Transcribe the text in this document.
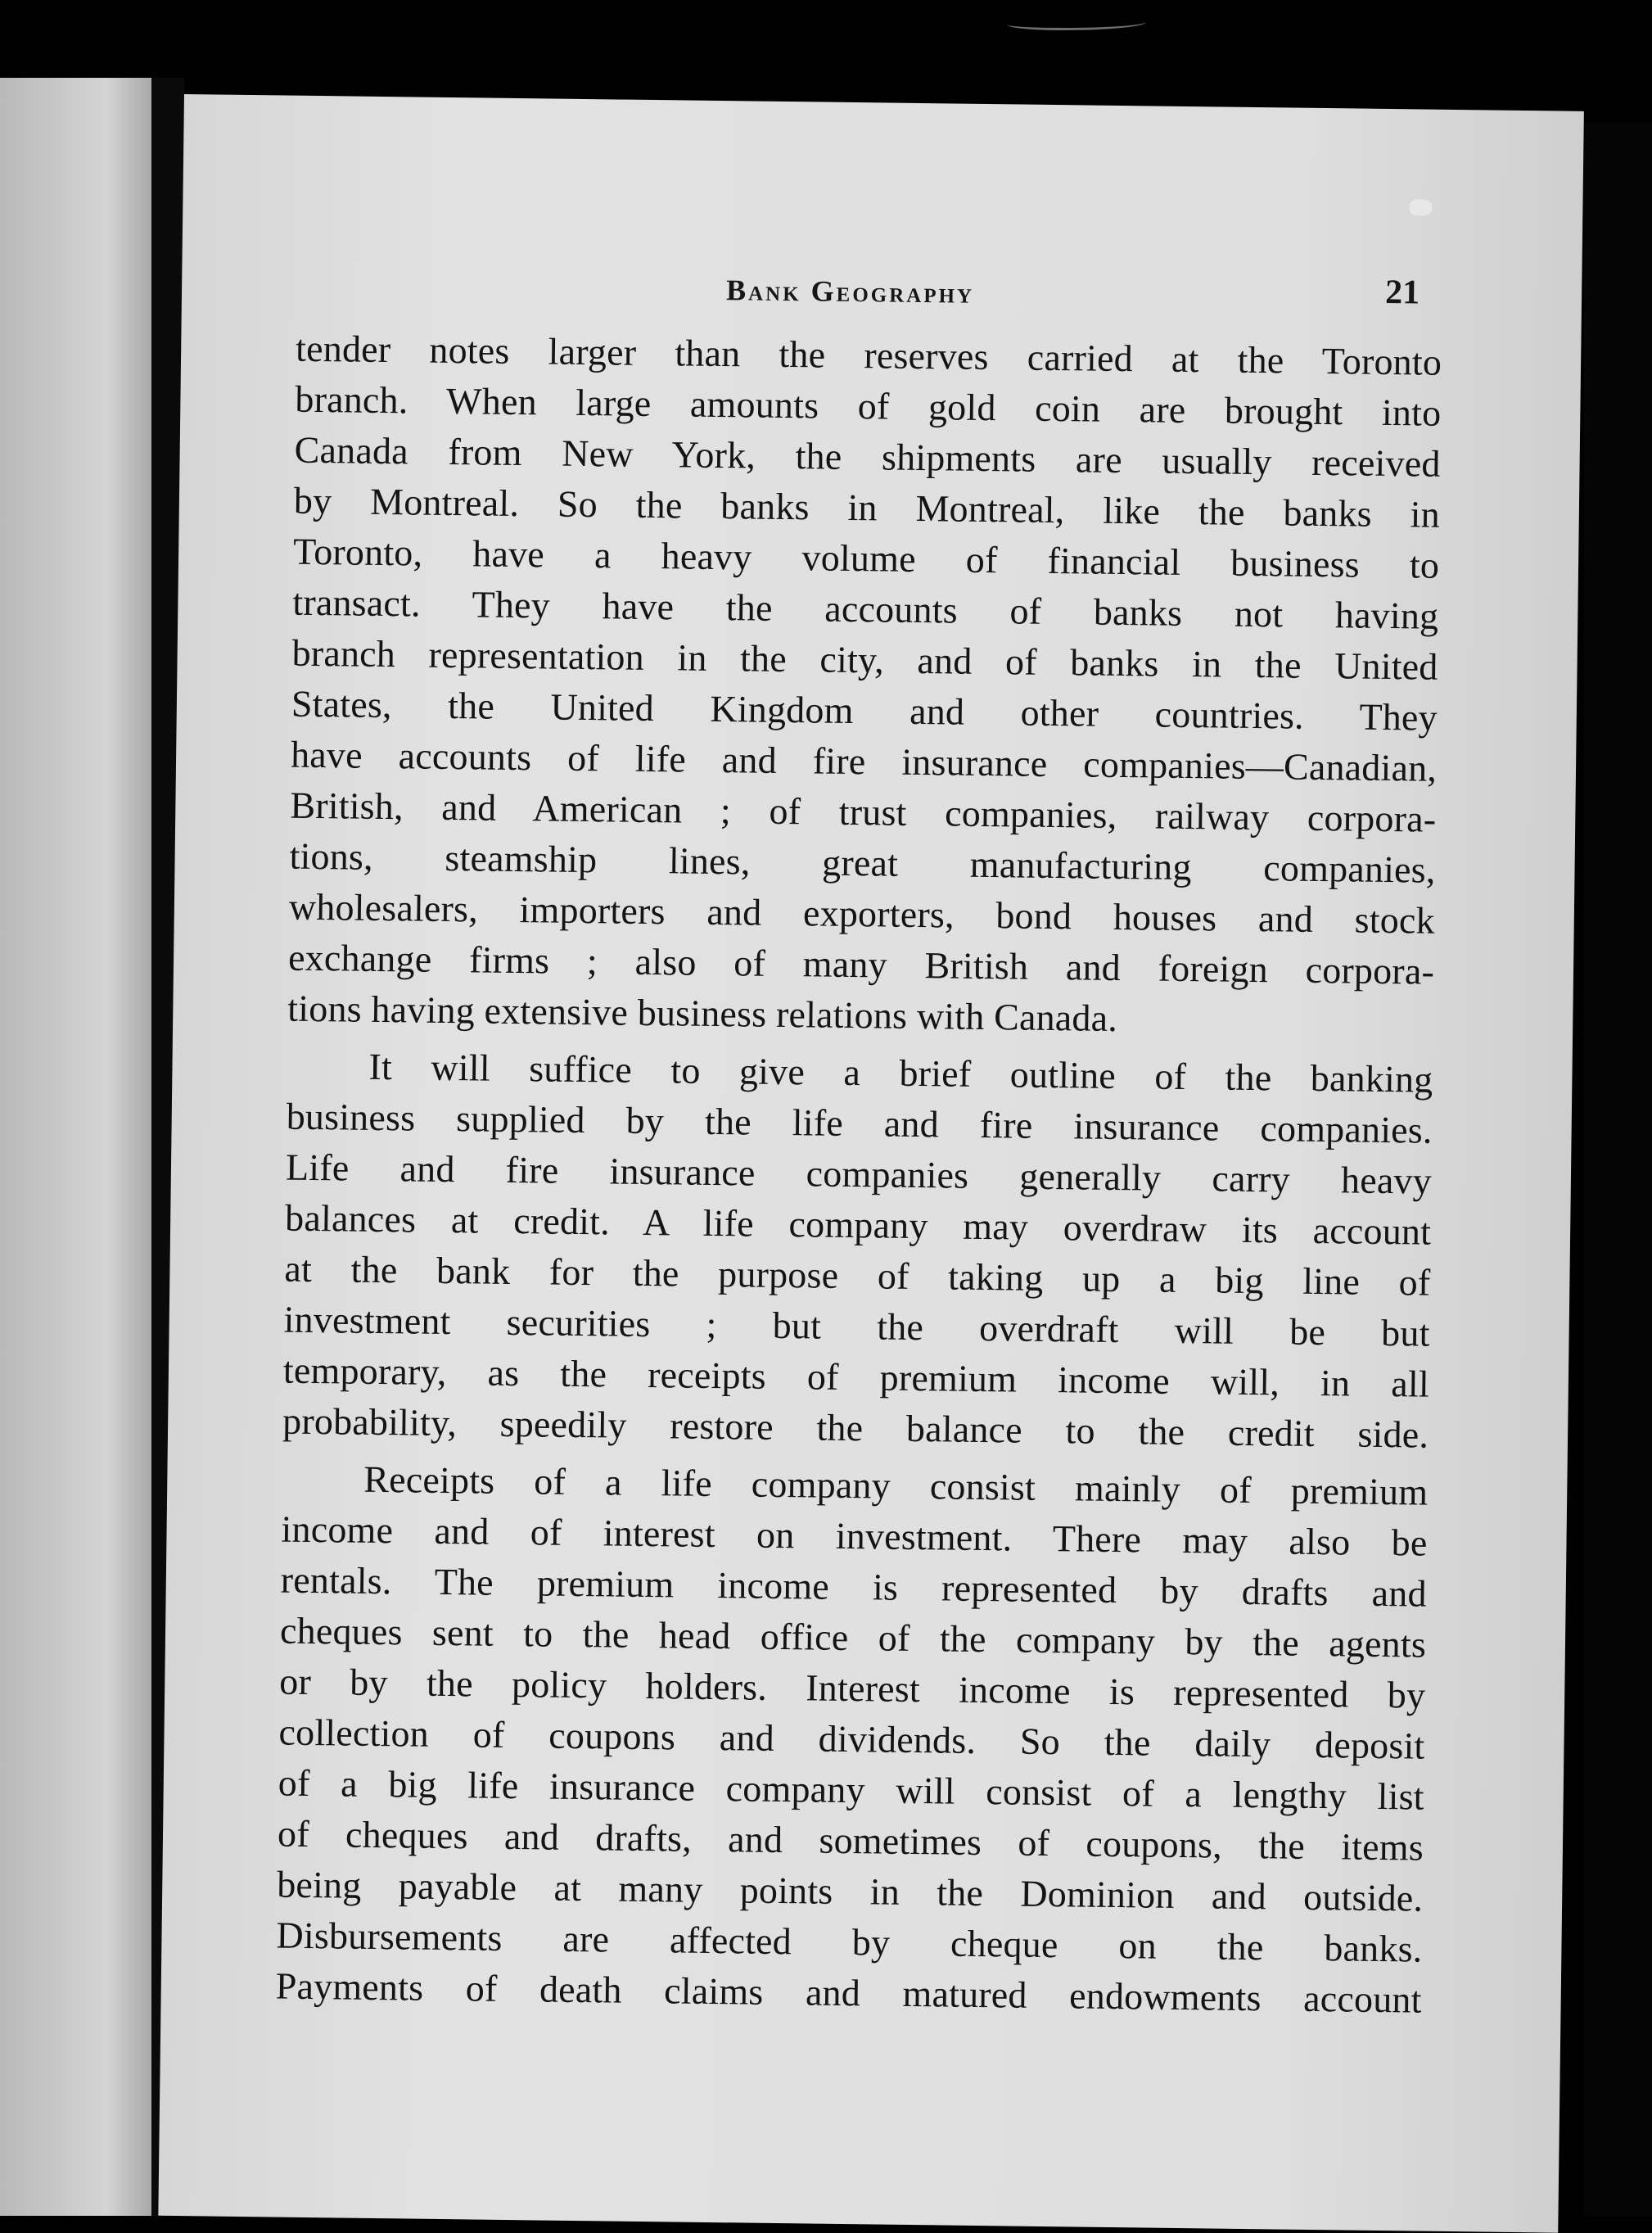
Bank Geography	21
tender notes larger than the reserves carried at the Toronto
branch. When large amounts of gold coin are brought into
Canada from New York, the shipments are usually received
by Montreal. So the banks in Montreal, like the banks in
Toronto, have a heavy volume of financial business to
transact. They have the accounts of banks not having
branch representation in the city, and of banks in the United
States, the United Kingdom and other countries. They
have accounts of life and fire insurance companies—Canadian,
British, and American ; of trust companies, railway corpora-
tions, steamship lines, great manufacturing companies,
wholesalers, importers and exporters, bond houses and stock
exchange firms ; also of many British and foreign corpora-
tions having extensive business relations with Canada.
It will suffice to give a brief outline of the banking
business supplied by the life and fire insurance companies.
Life and fire insurance companies generally carry heavy
balances at credit. A life company may overdraw its account
at the bank for the purpose of taking up a big line of
investment securities ; but the overdraft will be but
temporary, as the receipts of premium income will, in all
probability, speedily restore the balance to the credit side.
Receipts of a life company consist mainly of premium
income and of interest on investment. There may also be
rentals. The premium income is represented by drafts and
cheques sent to the head office of the company by the agents
or by the policy holders. Interest income is represented by
collection of coupons and dividends. So the daily deposit
of a big life insurance company will consist of a lengthy list
of cheques and drafts, and sometimes of coupons, the items
being payable at many points in the Dominion and outside.
Disbursements are affected by cheque on the banks.
Payments of death claims and matured endowments account
